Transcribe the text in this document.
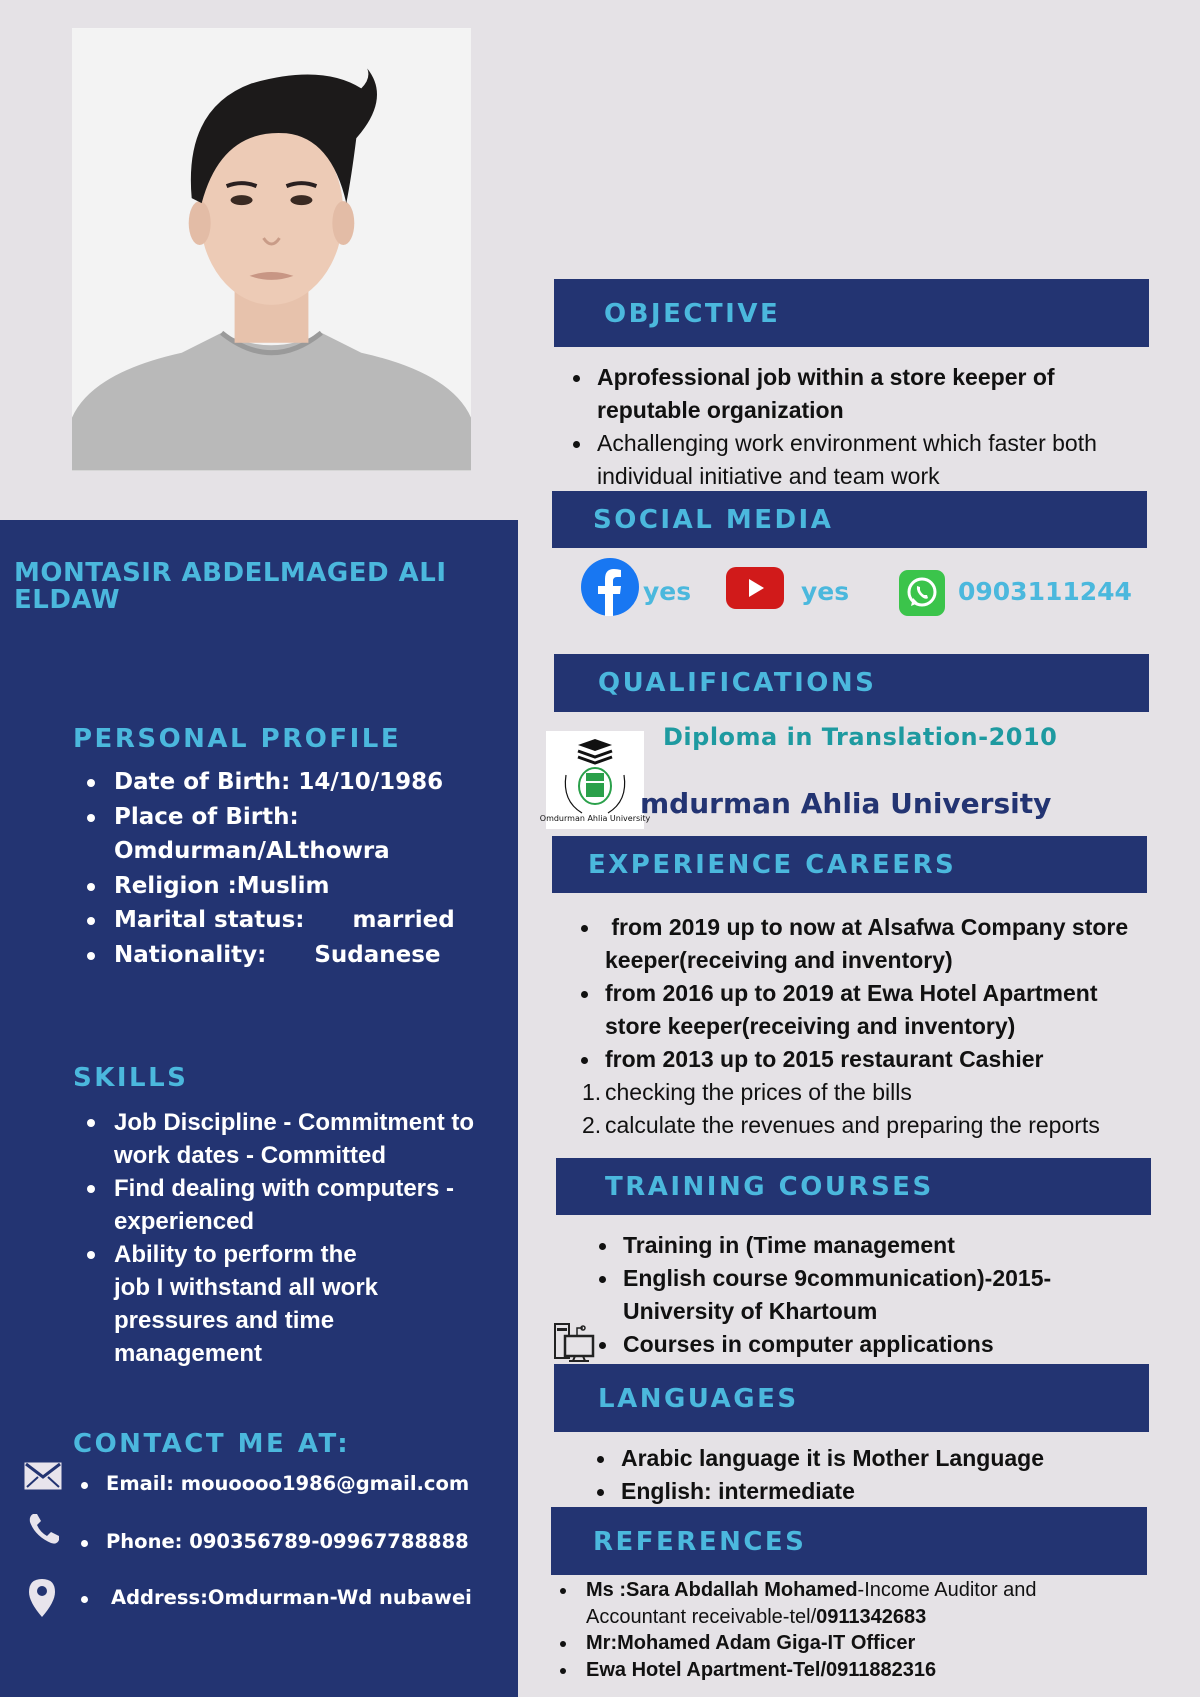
MONTASIR ABDELMAGED ALI ELDAW
PERSONAL PROFILE
Date of Birth: 14/10/1986
Place of Birth: Omdurman/ALthowra
Religion :Muslim
Marital status:      married
Nationality:      Sudanese
SKILLS
Job Discipline - Commitment to work dates - Committed
Find dealing with computers - experienced
Ability to perform the job I withstand all work pressures and time management
CONTACT ME AT:
Email: mouoooo1986@gmail.com
Phone: 090356789-09967788888
Address:Omdurman-Wd nubawei
OBJECTIVE
Aprofessional job within a store keeper of reputable organization
Achallenging work environment which faster both individual initiative and team work
SOCIAL MEDIA
yes	yes	0903111244
QUALIFICATIONS
Diploma in Translation-2010
Omdurman Ahlia University
mdurman Ahlia University
EXPERIENCE CAREERS
from 2019 up to now at Alsafwa Company store keeper(receiving and inventory)
from 2016 up to 2019 at Ewa Hotel Apartment store keeper(receiving and inventory)
from 2013 up to 2015 restaurant Cashier
1. checking the prices of the bills
2. calculate the revenues and preparing the reports
TRAINING COURSES
Training in (Time management
English course 9communication)-2015-University of Khartoum
Courses in computer applications
LANGUAGES
Arabic language it is Mother Language
English: intermediate
REFERENCES
Ms :Sara Abdallah Mohamed-Income Auditor and Accountant receivable-tel/0911342683
Mr:Mohamed Adam Giga-IT Officer
Ewa Hotel Apartment-Tel/0911882316
